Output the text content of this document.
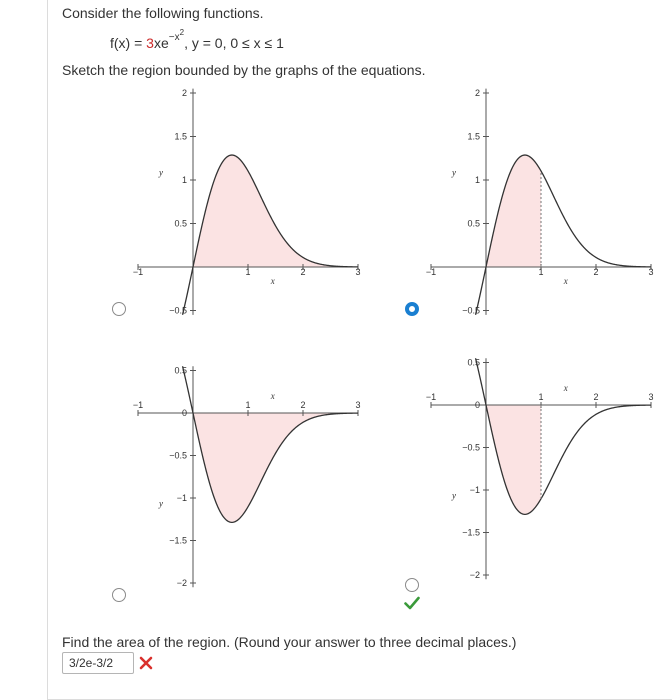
Consider the following functions.
$f(x) = 3xe^{-x^2}$, y = 0, 0 ≤ x ≤ 1
Sketch the region bounded by the graphs of the equations.
−1	1	2	3
2
1.5
1
0.5
−0.5
x
y
−1	1	2	3
2
1.5
1
0.5
−0.5
x
y
−1	1	2	3
0.5
0
−0.5
−1
−1.5
−2
x
y
−1	1	2	3
0.5
0
−0.5
−1
−1.5
−2
x
y
Find the area of the region. (Round your answer to three decimal places.)
3/2e-3/2
